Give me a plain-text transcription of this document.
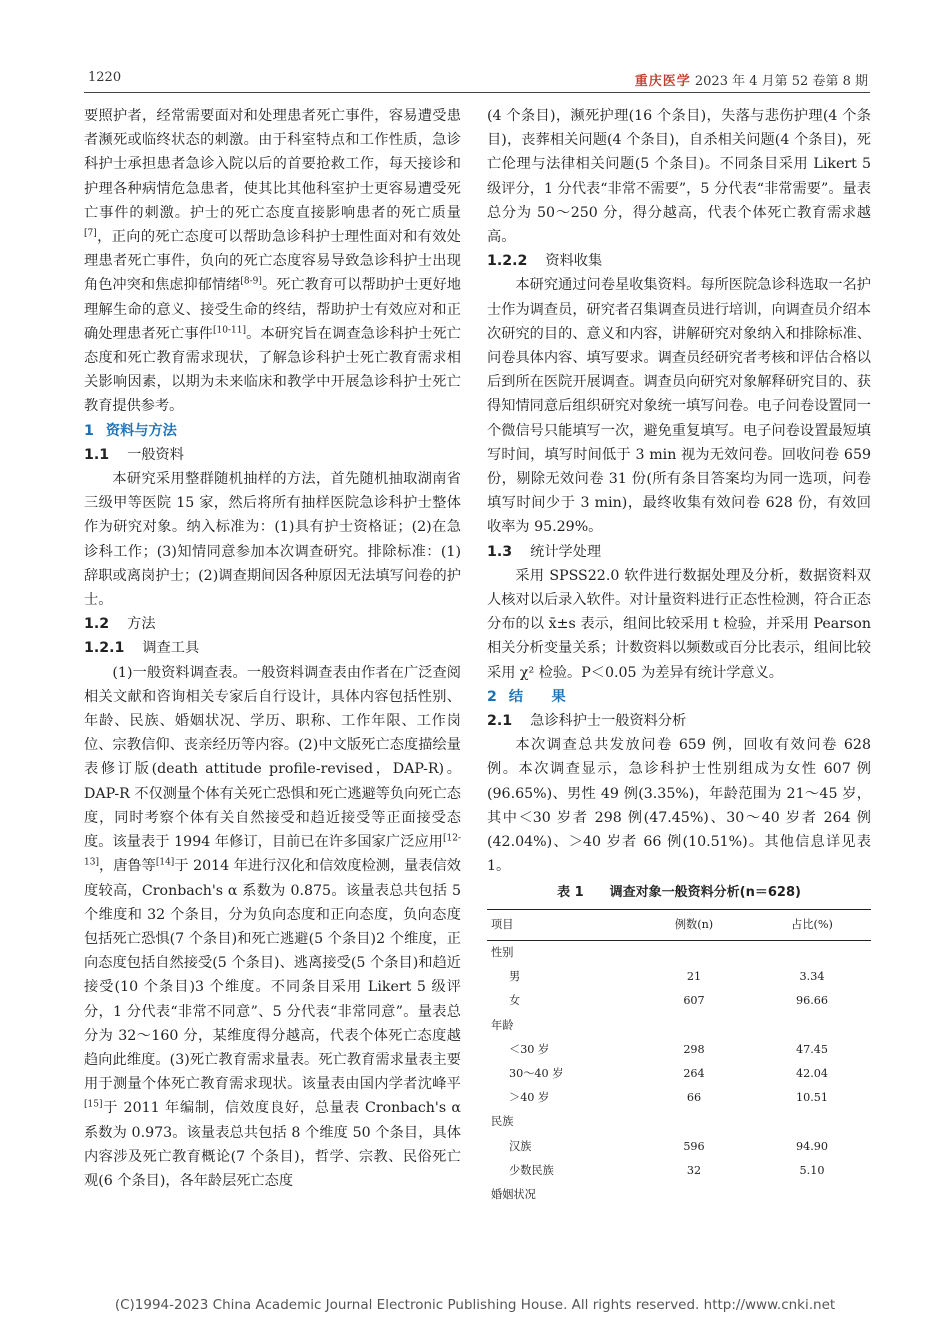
1220	重庆医学 2023 年 4 月第 52 卷第 8 期

要照护者，经常需要面对和处理患者死亡事件，容易遭受患者濒死或临终状态的刺激。由于科室特点和工作性质，急诊科护士承担患者急诊入院以后的首要抢救工作，每天接诊和护理各种病情危急患者，使其比其他科室护士更容易遭受死亡事件的刺激。护士的死亡态度直接影响患者的死亡质量[7]，正向的死亡态度可以帮助急诊科护士理性面对和有效处理患者死亡事件，负向的死亡态度容易导致急诊科护士出现角色冲突和焦虑抑郁情绪[8-9]。死亡教育可以帮助护士更好地理解生命的意义、接受生命的终结，帮助护士有效应对和正确处理患者死亡事件[10-11]。本研究旨在调查急诊科护士死亡态度和死亡教育需求现状，了解急诊科护士死亡教育需求相关影响因素，以期为未来临床和教学中开展急诊科护士死亡教育提供参考。

1 资料与方法
1.1 一般资料

本研究采用整群随机抽样的方法，首先随机抽取湖南省三级甲等医院 15 家，然后将所有抽样医院急诊科护士整体作为研究对象。纳入标准为：(1)具有护士资格证；(2)在急诊科工作；(3)知情同意参加本次调查研究。排除标准：(1)辞职或离岗护士；(2)调查期间因各种原因无法填写问卷的护士。

1.2 方法
1.2.1 调查工具

(1)一般资料调查表。一般资料调查表由作者在广泛查阅相关文献和咨询相关专家后自行设计，具体内容包括性别、年龄、民族、婚姻状况、学历、职称、工作年限、工作岗位、宗教信仰、丧亲经历等内容。(2)中文版死亡态度描绘量表修订版(death attitude profile-revised，DAP-R)。DAP-R 不仅测量个体有关死亡恐惧和死亡逃避等负向死亡态度，同时考察个体有关自然接受和趋近接受等正面接受态度。该量表于 1994 年修订，目前已在许多国家广泛应用[12-13]，唐鲁等[14]于 2014 年进行汉化和信效度检测，量表信效度较高，Cronbach's α 系数为 0.875。该量表总共包括 5 个维度和 32 个条目，分为负向态度和正向态度，负向态度包括死亡恐惧(7 个条目)和死亡逃避(5 个条目)2 个维度，正向态度包括自然接受(5 个条目)、逃离接受(5 个条目)和趋近接受(10 个条目)3 个维度。不同条目采用 Likert 5 级评分，1 分代表“非常不同意”、5 分代表“非常同意”。量表总分为 32～160 分，某维度得分越高，代表个体死亡态度越趋向此维度。(3)死亡教育需求量表。死亡教育需求量表主要用于测量个体死亡教育需求现状。该量表由国内学者沈峰平[15]于 2011 年编制，信效度良好，总量表 Cronbach's α 系数为 0.973。该量表总共包括 8 个维度 50 个条目，具体内容涉及死亡教育概论(7 个条目)，哲学、宗教、民俗死亡观(6 个条目)，各年龄层死亡态度

(4 个条目)，濒死护理(16 个条目)，失落与悲伤护理(4 个条目)，丧葬相关问题(4 个条目)，自杀相关问题(4 个条目)，死亡伦理与法律相关问题(5 个条目)。不同条目采用 Likert 5 级评分，1 分代表“非常不需要”，5 分代表“非常需要”。量表总分为 50～250 分，得分越高，代表个体死亡教育需求越高。

1.2.2 资料收集

本研究通过问卷星收集资料。每所医院急诊科选取一名护士作为调查员，研究者召集调查员进行培训，向调查员介绍本次研究的目的、意义和内容，讲解研究对象纳入和排除标准、问卷具体内容、填写要求。调查员经研究者考核和评估合格以后到所在医院开展调查。调查员向研究对象解释研究目的、获得知情同意后组织研究对象统一填写问卷。电子问卷设置同一个微信号只能填写一次，避免重复填写。电子问卷设置最短填写时间，填写时间低于 3 min 视为无效问卷。回收问卷 659 份，剔除无效问卷 31 份(所有条目答案均为同一选项，问卷填写时间少于 3 min)，最终收集有效问卷 628 份，有效回收率为 95.29%。

1.3 统计学处理

采用 SPSS22.0 软件进行数据处理及分析，数据资料双人核对以后录入软件。对计量资料进行正态性检测，符合正态分布的以 x̄±s 表示，组间比较采用 t 检验，并采用 Pearson 相关分析变量关系；计数资料以频数或百分比表示，组间比较采用 χ² 检验。P＜0.05 为差异有统计学意义。

2 结　　果
2.1 急诊科护士一般资料分析

本次调查总共发放问卷 659 例，回收有效问卷 628 例。本次调查显示，急诊科护士性别组成为女性 607 例(96.65%)、男性 49 例(3.35%)，年龄范围为 21～45 岁，其中＜30 岁者 298 例(47.45%)、30～40 岁者 264 例(42.04%)、＞40 岁者 66 例(10.51%)。其他信息详见表 1。

表 1　　 调查对象一般资料分析(n＝628)
项目	例数(n)	占比(%)
性别		
男	21	3.34
女	607	96.66
年龄		
＜30 岁	298	47.45
30～40 岁	264	42.04
＞40 岁	66	10.51
民族		
汉族	596	94.90
少数民族	32	5.10
婚姻状况		
(C)1994-2023 China Academic Journal Electronic Publishing House. All rights reserved. http://www.cnki.net
